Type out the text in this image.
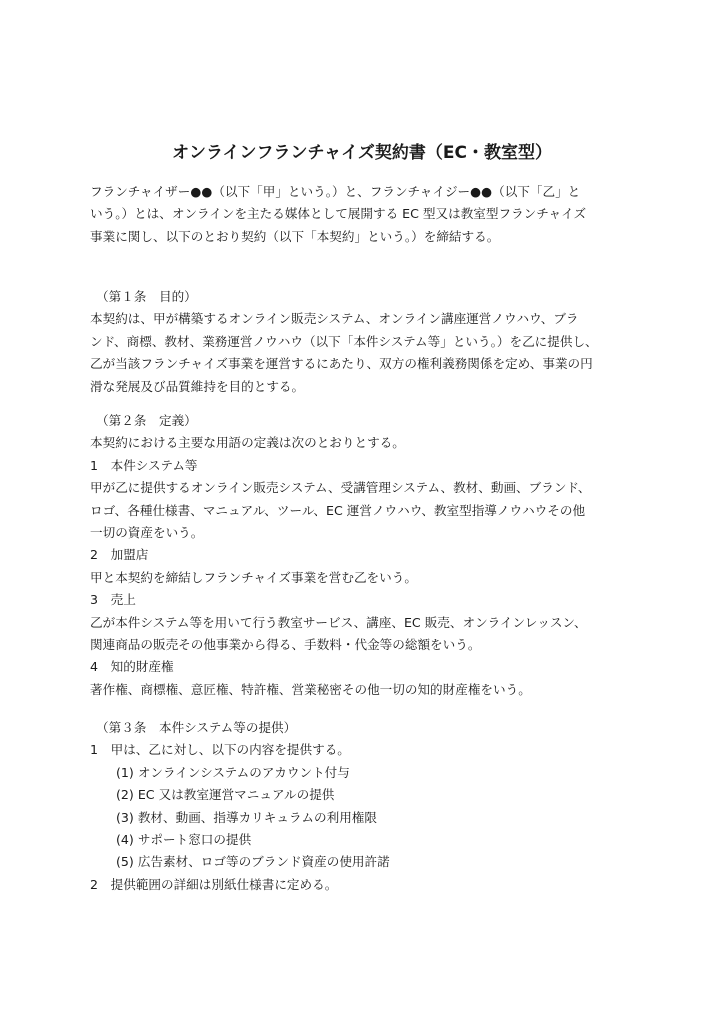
オンラインフランチャイズ契約書（EC・教室型）
フランチャイザー●●（以下「甲」という。）と、フランチャイジー●●（以下「乙」と
いう。）とは、オンラインを主たる媒体として展開する EC 型又は教室型フランチャイズ
事業に関し、以下のとおり契約（以下「本契約」という。）を締結する。
（第１条　目的）
本契約は、甲が構築するオンライン販売システム、オンライン講座運営ノウハウ、ブラ
ンド、商標、教材、業務運営ノウハウ（以下「本件システム等」という。）を乙に提供し、
乙が当該フランチャイズ事業を運営するにあたり、双方の権利義務関係を定め、事業の円
滑な発展及び品質維持を目的とする。
（第２条　定義）
本契約における主要な用語の定義は次のとおりとする。
1　本件システム等
甲が乙に提供するオンライン販売システム、受講管理システム、教材、動画、ブランド、
ロゴ、各種仕様書、マニュアル、ツール、EC 運営ノウハウ、教室型指導ノウハウその他
一切の資産をいう。
2　加盟店
甲と本契約を締結しフランチャイズ事業を営む乙をいう。
3　売上
乙が本件システム等を用いて行う教室サービス、講座、EC 販売、オンラインレッスン、
関連商品の販売その他事業から得る、手数料・代金等の総額をいう。
4　知的財産権
著作権、商標権、意匠権、特許権、営業秘密その他一切の知的財産権をいう。
（第３条　本件システム等の提供）
1　甲は、乙に対し、以下の内容を提供する。
(1) オンラインシステムのアカウント付与
(2) EC 又は教室運営マニュアルの提供
(3) 教材、動画、指導カリキュラムの利用権限
(4) サポート窓口の提供
(5) 広告素材、ロゴ等のブランド資産の使用許諾
2　提供範囲の詳細は別紙仕様書に定める。
